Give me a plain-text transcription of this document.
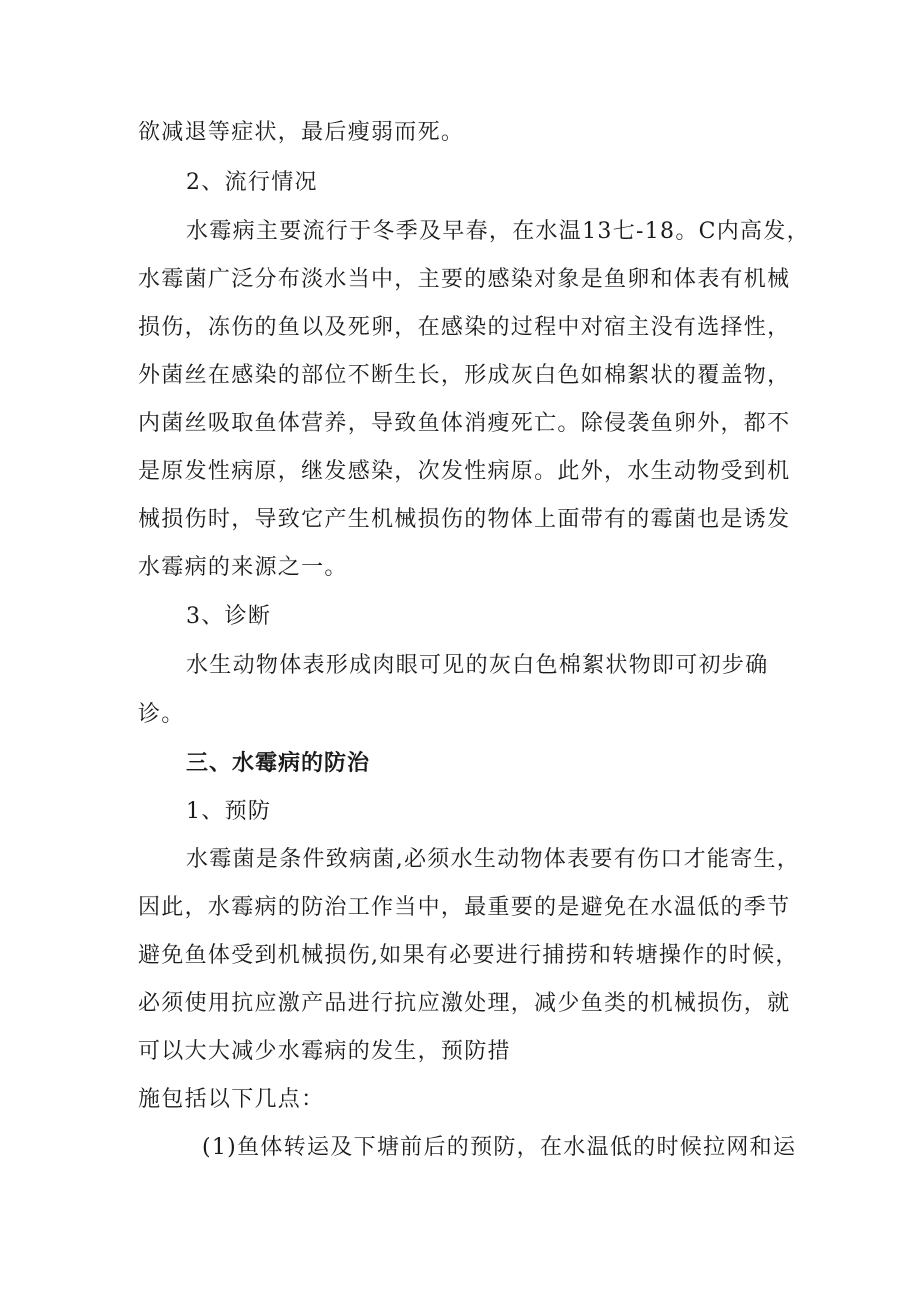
欲减退等症状，最后瘦弱而死。
2、流行情况
水霉病主要流行于冬季及早春，在水温13七-18。C内高发，
水霉菌广泛分布淡水当中，主要的感染对象是鱼卵和体表有机械
损伤，冻伤的鱼以及死卵，在感染的过程中对宿主没有选择性，
外菌丝在感染的部位不断生长，形成灰白色如棉絮状的覆盖物，
内菌丝吸取鱼体营养，导致鱼体消瘦死亡。除侵袭鱼卵外，都不
是原发性病原，继发感染，次发性病原。此外，水生动物受到机
械损伤时，导致它产生机械损伤的物体上面带有的霉菌也是诱发
水霉病的来源之一。
3、诊断
水生动物体表形成肉眼可见的灰白色棉絮状物即可初步确
诊。
三、水霉病的防治
1、预防
水霉菌是条件致病菌,必须水生动物体表要有伤口才能寄生，
因此，水霉病的防治工作当中，最重要的是避免在水温低的季节
避免鱼体受到机械损伤,如果有必要进行捕捞和转塘操作的时候，
必须使用抗应激产品进行抗应激处理，减少鱼类的机械损伤，就
可以大大减少水霉病的发生，预防措
施包括以下几点：
(1)鱼体转运及下塘前后的预防，在水温低的时候拉网和运
